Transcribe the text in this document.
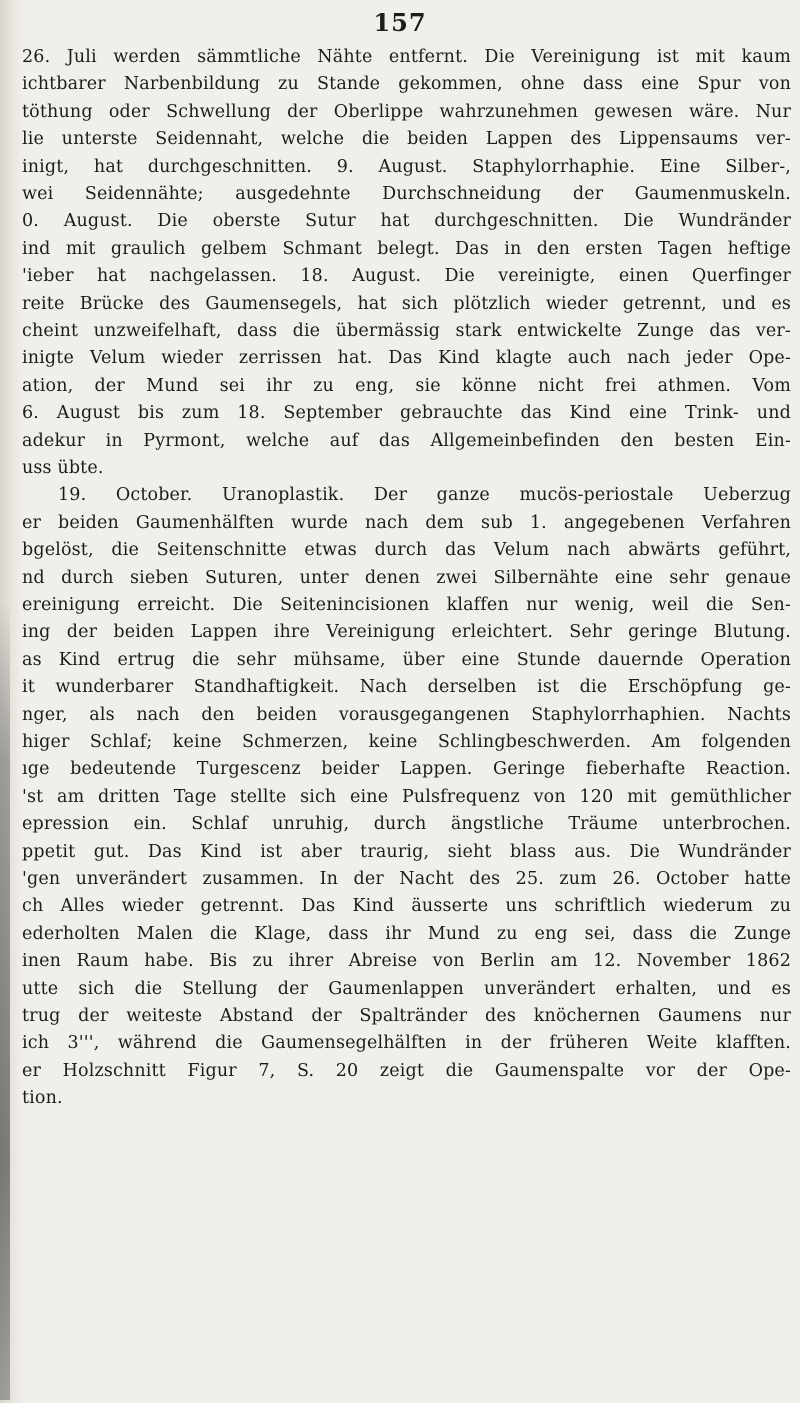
157

26. Juli werden sämmtliche Nähte entfernt. Die Vereinigung ist mit kaum

ichtbarer Narbenbildung zu Stande gekommen, ohne dass eine Spur von

töthung oder Schwellung der Oberlippe wahrzunehmen gewesen wäre. Nur

lie unterste Seidennaht, welche die beiden Lappen des Lippensaums ver-

inigt, hat durchgeschnitten. 9. August. Staphylorrhaphie. Eine Silber-,

wei Seidennähte; ausgedehnte Durchschneidung der Gaumenmuskeln.

0. August. Die oberste Sutur hat durchgeschnitten. Die Wundränder

ind mit graulich gelbem Schmant belegt. Das in den ersten Tagen heftige

'ieber hat nachgelassen. 18. August. Die vereinigte, einen Querfinger

reite Brücke des Gaumensegels, hat sich plötzlich wieder getrennt, und es

cheint unzweifelhaft, dass die übermässig stark entwickelte Zunge das ver-

inigte Velum wieder zerrissen hat. Das Kind klagte auch nach jeder Ope-

ation, der Mund sei ihr zu eng, sie könne nicht frei athmen. Vom

6. August bis zum 18. September gebrauchte das Kind eine Trink- und

adekur in Pyrmont, welche auf das Allgemeinbefinden den besten Ein-

uss übte.

19. October. Uranoplastik. Der ganze mucös-periostale Ueberzug

er beiden Gaumenhälften wurde nach dem sub 1. angegebenen Verfahren

bgelöst, die Seitenschnitte etwas durch das Velum nach abwärts geführt,

nd durch sieben Suturen, unter denen zwei Silbernähte eine sehr genaue

ereinigung erreicht. Die Seitenincisionen klaffen nur wenig, weil die Sen-

ing der beiden Lappen ihre Vereinigung erleichtert. Sehr geringe Blutung.

as Kind ertrug die sehr mühsame, über eine Stunde dauernde Operation

it wunderbarer Standhaftigkeit. Nach derselben ist die Erschöpfung ge-

nger, als nach den beiden vorausgegangenen Staphylorrhaphien. Nachts

higer Schlaf; keine Schmerzen, keine Schlingbeschwerden. Am folgenden

ıge bedeutende Turgescenz beider Lappen. Geringe fieberhafte Reaction.

'st am dritten Tage stellte sich eine Pulsfrequenz von 120 mit gemüthlicher

epression ein. Schlaf unruhig, durch ängstliche Träume unterbrochen.

ppetit gut. Das Kind ist aber traurig, sieht blass aus. Die Wundränder

'gen unverändert zusammen. In der Nacht des 25. zum 26. October hatte

ch Alles wieder getrennt. Das Kind äusserte uns schriftlich wiederum zu

ederholten Malen die Klage, dass ihr Mund zu eng sei, dass die Zunge

inen Raum habe. Bis zu ihrer Abreise von Berlin am 12. November 1862

utte sich die Stellung der Gaumenlappen unverändert erhalten, und es

trug der weiteste Abstand der Spaltränder des knöchernen Gaumens nur

ich 3''', während die Gaumensegelhälften in der früheren Weite klafften.

er Holzschnitt Figur 7, S. 20 zeigt die Gaumenspalte vor der Ope-

tion.
